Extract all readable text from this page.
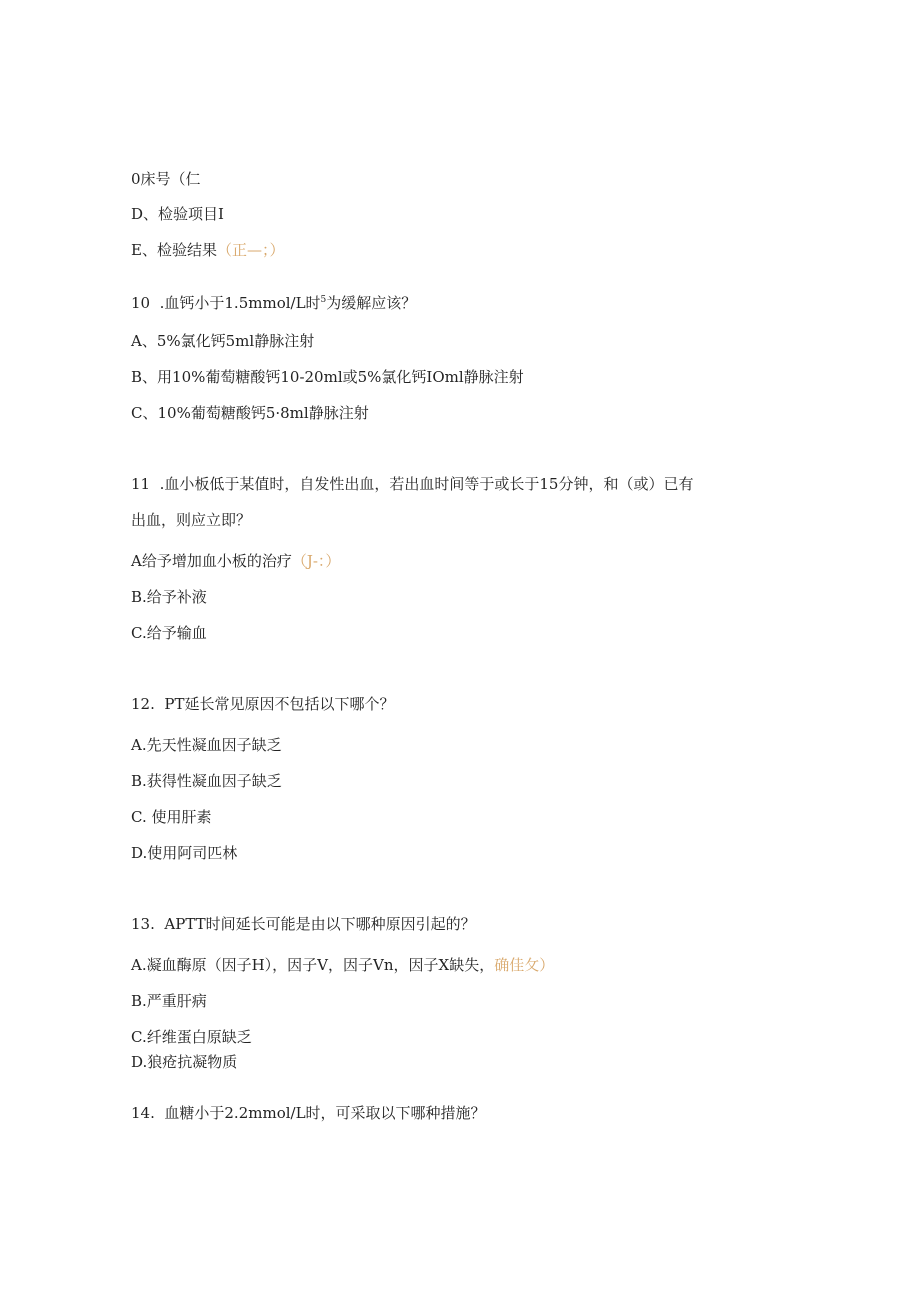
0床号（仁
D、检验项目I
E、检验结果（正—；）
10  .血钙小于1.5mmol/L时$^5$为缓解应该？
A、5%氯化钙5ml静脉注射
B、用10%葡萄糖酸钙10-20ml或5%氯化钙IOml静脉注射
C、10%葡萄糖酸钙5·8ml静脉注射
11  .血小板低于某值时，自发性出血，若出血时间等于或长于15分钟，和（或）已有
出血，则应立即？
A给予增加血小板的治疗（J-：）
B.给予补液
C.给予输血
12.  PT延长常见原因不包括以下哪个？
A.先天性凝血因子缺乏
B.获得性凝血因子缺乏
C. 使用肝素
D.使用阿司匹林
13.  APTT时间延长可能是由以下哪种原因引起的？
A.凝血酶原（因子H），因子V，因子Vn，因子X缺失，确佳攵）
B.严重肝病
C.纤维蛋白原缺乏
D.狼疮抗凝物质
14.  血糖小于2.2mmol/L时，可采取以下哪种措施？
